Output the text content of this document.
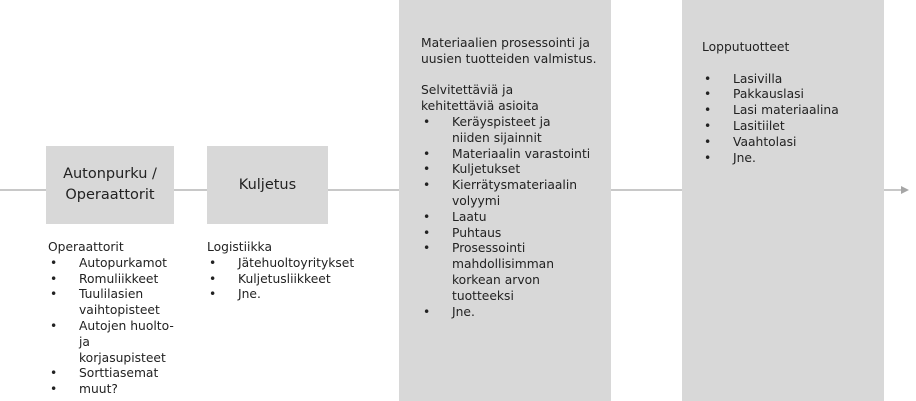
Autonpurku /
Operaattorit
Kuljetus
Operaattorit
• Autopurkamot
• Romuliikkeet
• Tuulilasien vaihtopisteet
• Autojen huolto- ja korjasupisteet
• Sorttiasemat
• muut?
Logistiikka
• Jätehuoltoyritykset
• Kuljetusliikkeet
• Jne.
Materiaalien prosessointi ja uusien tuotteiden valmistus.
Selvitettäviä ja kehitettäviä asioita
• Keräyspisteet ja niiden sijainnit
• Materiaalin varastointi
• Kuljetukset
• Kierrätysmateriaalin volyymi
• Laatu
• Puhtaus
• Prosessointi mahdollisimman korkean arvon tuotteeksi
• Jne.
Lopputuotteet
• Lasivilla
• Pakkauslasi
• Lasi materiaalina
• Lasitiilet
• Vaahtolasi
• Jne.
